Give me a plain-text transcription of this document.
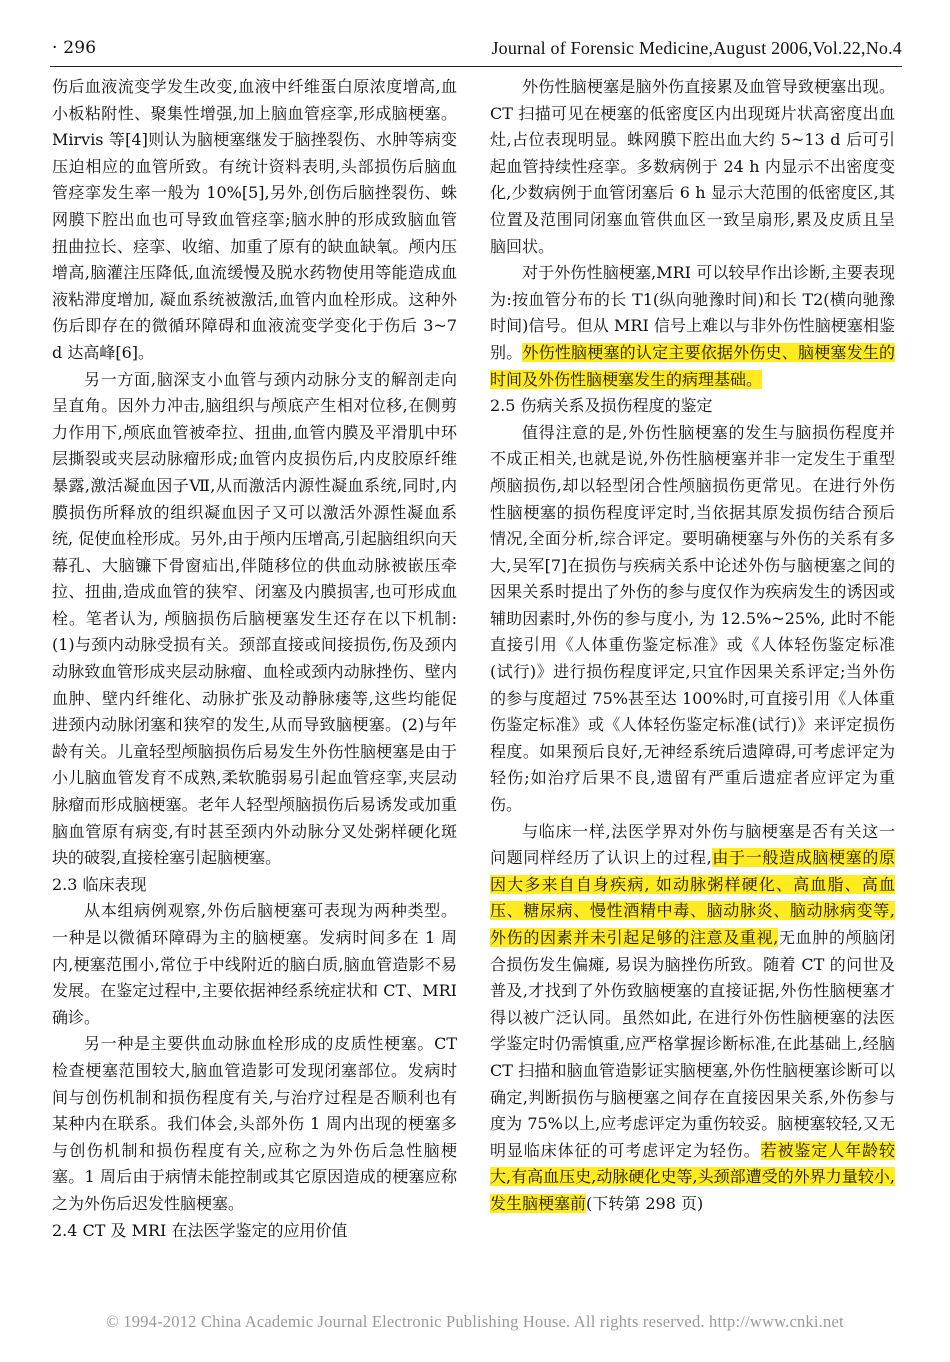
· 296	Journal of Forensic Medicine,August 2006,Vol.22,No.4

伤后血液流变学发生改变,血液中纤维蛋白原浓度增高,血小板粘附性、聚集性增强,加上脑血管痉挛,形成脑梗塞。Mirvis 等[4]则认为脑梗塞继发于脑挫裂伤、水肿等病变压迫相应的血管所致。有统计资料表明,头部损伤后脑血管痉挛发生率一般为 10%[5],另外,创伤后脑挫裂伤、蛛网膜下腔出血也可导致血管痉挛;脑水肿的形成致脑血管扭曲拉长、痉挛、收缩、加重了原有的缺血缺氧。颅内压增高,脑灌注压降低,血流缓慢及脱水药物使用等能造成血液粘滞度增加, 凝血系统被激活,血管内血栓形成。这种外伤后即存在的微循环障碍和血液流变学变化于伤后 3~7 d 达高峰[6]。

另一方面,脑深支小血管与颈内动脉分支的解剖走向呈直角。因外力冲击,脑组织与颅底产生相对位移,在侧剪力作用下,颅底血管被牵拉、扭曲,血管内膜及平滑肌中环层撕裂或夹层动脉瘤形成;血管内皮损伤后,内皮胶原纤维暴露,激活凝血因子Ⅶ,从而激活内源性凝血系统,同时,内膜损伤所释放的组织凝血因子又可以激活外源性凝血系统, 促使血栓形成。另外,由于颅内压增高,引起脑组织向天幕孔、大脑镰下骨窗疝出,伴随移位的供血动脉被嵌压牵拉、扭曲,造成血管的狭窄、闭塞及内膜损害,也可形成血栓。笔者认为, 颅脑损伤后脑梗塞发生还存在以下机制:(1)与颈内动脉受损有关。颈部直接或间接损伤,伤及颈内动脉致血管形成夹层动脉瘤、血栓或颈内动脉挫伤、壁内血肿、壁内纤维化、动脉扩张及动静脉瘘等,这些均能促进颈内动脉闭塞和狭窄的发生,从而导致脑梗塞。(2)与年龄有关。儿童轻型颅脑损伤后易发生外伤性脑梗塞是由于小儿脑血管发育不成熟,柔软脆弱易引起血管痉挛,夹层动脉瘤而形成脑梗塞。老年人轻型颅脑损伤后易诱发或加重脑血管原有病变,有时甚至颈内外动脉分叉处粥样硬化斑块的破裂,直接栓塞引起脑梗塞。

2.3 临床表现

从本组病例观察,外伤后脑梗塞可表现为两种类型。一种是以微循环障碍为主的脑梗塞。发病时间多在 1 周内,梗塞范围小,常位于中线附近的脑白质,脑血管造影不易发展。在鉴定过程中,主要依据神经系统症状和 CT、MRI 确诊。

另一种是主要供血动脉血栓形成的皮质性梗塞。CT 检查梗塞范围较大,脑血管造影可发现闭塞部位。发病时间与创伤机制和损伤程度有关,与治疗过程是否顺利也有某种内在联系。我们体会,头部外伤 1 周内出现的梗塞多与创伤机制和损伤程度有关,应称之为外伤后急性脑梗塞。1 周后由于病情未能控制或其它原因造成的梗塞应称之为外伤后迟发性脑梗塞。

2.4 CT 及 MRI 在法医学鉴定的应用价值

外伤性脑梗塞是脑外伤直接累及血管导致梗塞出现。CT 扫描可见在梗塞的低密度区内出现斑片状高密度出血灶,占位表现明显。蛛网膜下腔出血大约 5~13 d 后可引起血管持续性痉挛。多数病例于 24 h 内显示不出密度变化,少数病例于血管闭塞后 6 h 显示大范围的低密度区,其位置及范围同闭塞血管供血区一致呈扇形,累及皮质且呈脑回状。

对于外伤性脑梗塞,MRI 可以较早作出诊断,主要表现为:按血管分布的长 T1(纵向驰豫时间)和长 T2(横向驰豫时间)信号。但从 MRI 信号上难以与非外伤性脑梗塞相鉴别。外伤性脑梗塞的认定主要依据外伤史、脑梗塞发生的时间及外伤性脑梗塞发生的病理基础。

2.5 伤病关系及损伤程度的鉴定

值得注意的是,外伤性脑梗塞的发生与脑损伤程度并不成正相关,也就是说,外伤性脑梗塞并非一定发生于重型颅脑损伤,却以轻型闭合性颅脑损伤更常见。在进行外伤性脑梗塞的损伤程度评定时,当依据其原发损伤结合预后情况,全面分析,综合评定。要明确梗塞与外伤的关系有多大,吴军[7]在损伤与疾病关系中论述外伤与脑梗塞之间的因果关系时提出了外伤的参与度仅作为疾病发生的诱因或辅助因素时,外伤的参与度小, 为 12.5%~25%, 此时不能直接引用《人体重伤鉴定标准》或《人体轻伤鉴定标准(试行)》进行损伤程度评定,只宜作因果关系评定;当外伤的参与度超过 75%甚至达 100%时,可直接引用《人体重伤鉴定标准》或《人体轻伤鉴定标准(试行)》来评定损伤程度。如果预后良好,无神经系统后遗障碍,可考虑评定为轻伤;如治疗后果不良,遗留有严重后遗症者应评定为重伤。

与临床一样,法医学界对外伤与脑梗塞是否有关这一问题同样经历了认识上的过程,由于一般造成脑梗塞的原因大多来自自身疾病, 如动脉粥样硬化、高血脂、高血压、糖尿病、慢性酒精中毒、脑动脉炎、脑动脉病变等, 外伤的因素并未引起足够的注意及重视,无血肿的颅脑闭合损伤发生偏瘫, 易误为脑挫伤所致。随着 CT 的问世及普及,才找到了外伤致脑梗塞的直接证据,外伤性脑梗塞才得以被广泛认同。虽然如此, 在进行外伤性脑梗塞的法医学鉴定时仍需慎重,应严格掌握诊断标准,在此基础上,经脑 CT 扫描和脑血管造影证实脑梗塞,外伤性脑梗塞诊断可以确定,判断损伤与脑梗塞之间存在直接因果关系,外伤参与度为 75%以上,应考虑评定为重伤较妥。脑梗塞较轻,又无明显临床体征的可考虑评定为轻伤。若被鉴定人年龄较大,有高血压史,动脉硬化史等,头颈部遭受的外界力量较小,发生脑梗塞前(下转第 298 页)

© 1994-2012 China Academic Journal Electronic Publishing House. All rights reserved. http://www.cnki.net
